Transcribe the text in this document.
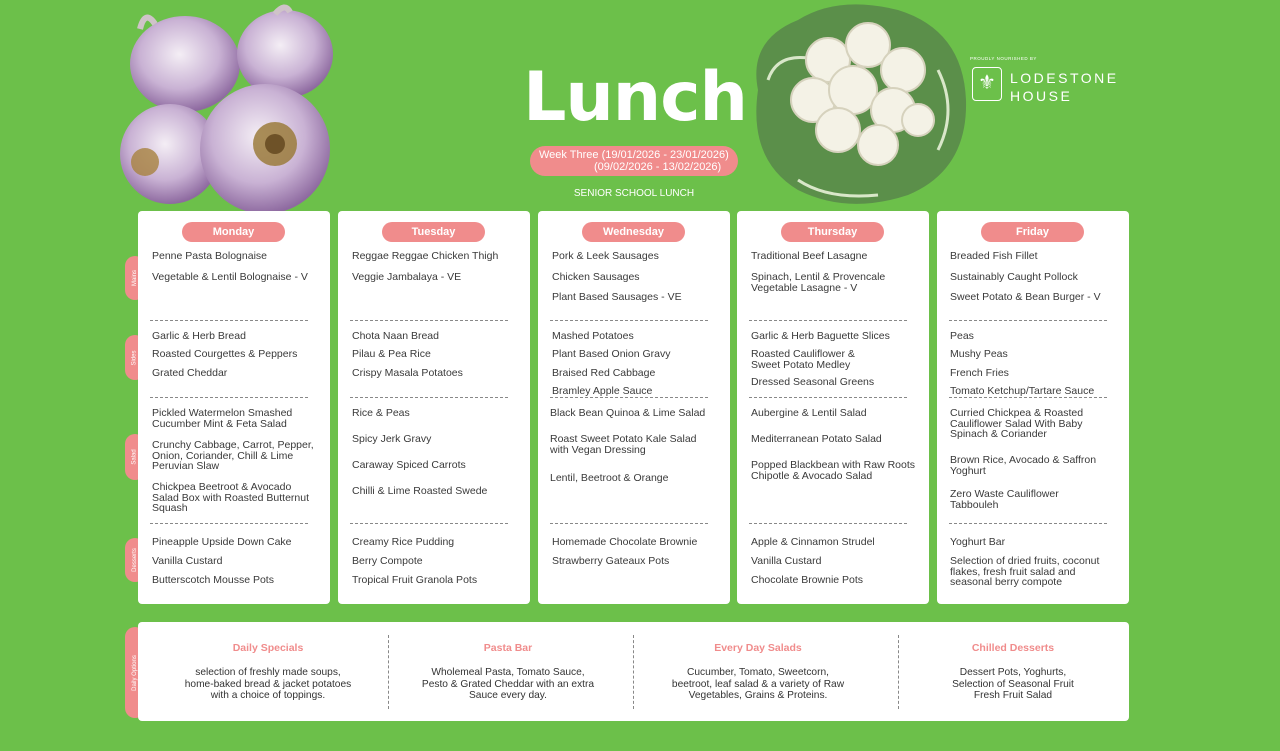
Lunch
Week Three (19/01/2026 - 23/01/2026)
(09/02/2026 - 13/02/2026)
SENIOR SCHOOL LUNCH
PROUDLY NOURISHED BY
⚜	LODESTONE
HOUSE
Mains
Sides
Salad
Desserts
Monday
Penne Pasta Bolognaise
Vegetable & Lentil Bolognaise - V
Garlic & Herb Bread
Roasted Courgettes & Peppers
Grated Cheddar
Pickled Watermelon Smashed Cucumber Mint & Feta Salad
Crunchy Cabbage, Carrot, Pepper, Onion, Coriander, Chill & Lime Peruvian Slaw
Chickpea Beetroot & Avocado Salad Box with Roasted Butternut Squash
Pineapple Upside Down Cake
Vanilla Custard
Butterscotch Mousse Pots
Tuesday
Reggae Reggae Chicken Thigh
Veggie Jambalaya - VE
Chota Naan Bread
Pilau & Pea Rice
Crispy Masala Potatoes
Rice & Peas
Spicy Jerk Gravy
Caraway Spiced Carrots
Chilli & Lime Roasted Swede
Creamy Rice Pudding
Berry Compote
Tropical Fruit Granola Pots
Wednesday
Pork & Leek Sausages
Chicken Sausages
Plant Based Sausages - VE
Mashed Potatoes
Plant Based Onion Gravy
Braised Red Cabbage
Bramley Apple Sauce
Black Bean Quinoa & Lime Salad
Roast Sweet Potato Kale Salad with Vegan Dressing
Lentil, Beetroot & Orange
Homemade Chocolate Brownie
Strawberry Gateaux Pots
Thursday
Traditional Beef Lasagne
Spinach, Lentil & Provencale Vegetable Lasagne - V
Garlic & Herb Baguette Slices
Roasted Cauliflower & Sweet Potato Medley
Dressed Seasonal Greens
Aubergine & Lentil Salad
Mediterranean Potato Salad
Popped Blackbean with Raw Roots Chipotle & Avocado Salad
Apple & Cinnamon Strudel
Vanilla Custard
Chocolate Brownie Pots
Friday
Breaded Fish Fillet
Sustainably Caught Pollock
Sweet Potato & Bean Burger - V
Peas
Mushy Peas
French Fries
Tomato Ketchup/Tartare Sauce
Curried Chickpea & Roasted Cauliflower Salad With Baby Spinach & Coriander
Brown Rice, Avocado & Saffron Yoghurt
Zero Waste Cauliflower Tabbouleh
Yoghurt Bar
Selection of dried fruits, coconut flakes, fresh fruit salad and seasonal berry compote
Daily Options
Daily Specials
selection of freshly made soups, home-baked bread & jacket potatoes with a choice of toppings.
Pasta Bar
Wholemeal Pasta, Tomato Sauce, Pesto & Grated Cheddar with an extra Sauce every day.
Every Day Salads
Cucumber, Tomato, Sweetcorn, beetroot, leaf salad & a variety of Raw Vegetables, Grains & Proteins.
Chilled Desserts
Dessert Pots, Yoghurts, Selection of Seasonal Fruit Fresh Fruit Salad
